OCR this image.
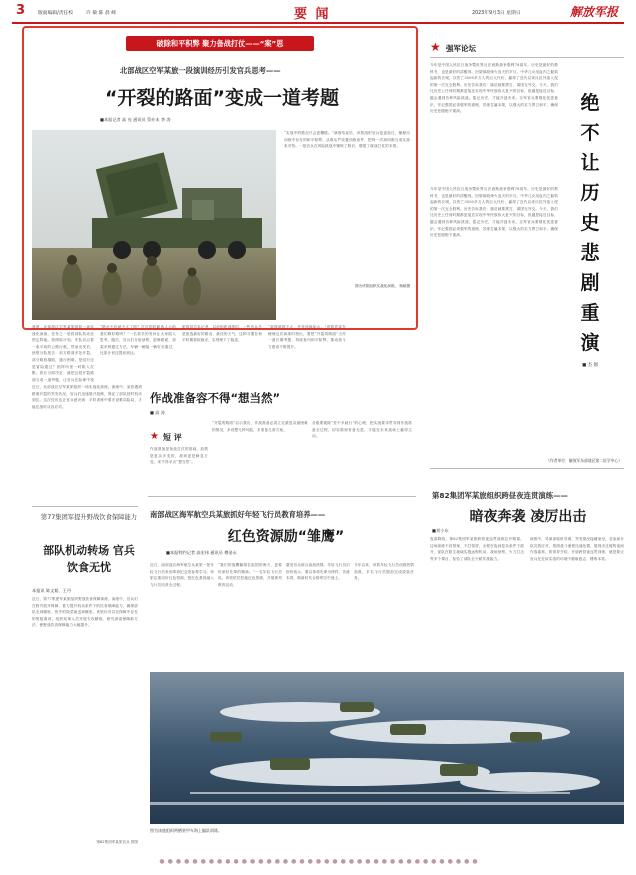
3	版面编辑/责任校	许 敏 陈 晨 峰	要 闻	2023年9月3日 星期日	解放军报
破除和平积弊 聚力备战打仗——“案”思
北部战区空军某旅一段演训经历引发官兵思考——
“开裂的路面”变成一道考题
■本报记者 高 亮 通讯员 蔡亦未 李 涛
“实战中的路况只会更糟糕。”演练结束后，该旅组织官兵复盘检讨，梳理出训练中存在的和平积弊，从难从严设置训练条件，把每一次演训都当成实战来对待。一批官兵在风险挑战中锤炼了胆识，增强了谋战打仗的本领。
图为该旅组织实战化演练。 杨硕摄
盛夏，北部战区空军某旅组织一场实战化演练，任务之一是将部队机动至预定阵地。按照原计划，车队应沿着一条平坦的公路行驶。然而出发后，侦察分队报告：前方路面多处开裂，部分路段塌陷，通行困难。是绕行还是冒险通过？指挥所里一时陷入沉默。旅长当即决定：就把这段开裂路面当成一道考题，让官兵在险难中找
“路况不好就不走了吗？打仗的时候敌人会给我们修好路吗？”一名营长的发问让大家陷入思考。随后，官兵们分组侦察，抢修路面，探索多种通过方法。车辆一辆接一辆安全通过，比原计划还提前到达。
旅领导告诉记者，以前组织训练时，一些官兵总是挑选最好的路况、最佳的天气，这种习惯在和平时期看似稳妥，实则埋下了隐患。
“敌情顽固不止，任务转换如山。”该旅党委在梳理这次演练时指出，要把“开裂的路面”当作一道长期考题，持续查纠和平积弊，推动战斗力建设不断提升。
作战准备容不得“想当然”
■ 高 涛
★ 短 评
作战准备是备战打仗的基础。敌情是复杂多变的，战场更是瞬息万变，来不得半点“想当然”。
“开裂的路面”启示我们，作战准备必须立足最复杂最困难的情况，多设想几种可能，多准备几套方案。
各级要破除“差不多就行”的心理，把实战要求贯穿到作战准备全过程，切实做到有备无患，才能在未来战场上赢得主动。
近日，北部战区空军某旅组织一场实战化演练。演练中，某营遇到路面开裂的突发状况，官兵们迅速展开抢修，保证了部队按时机动到位。这次经历也让官兵意识到：平时训练中要多设难局险局，才能在战时从容应对。
第77集团军提升野战饮食保障能力
部队机动转场 官兵饮食无忧
本报讯 陈文韬、王丹
近日，第77集团军某旅组织野战饮食保障演练。演练中，官兵们在野外展开保障，着力提升机动条件下的饮食保障能力，确保部队走到哪里，热乎的饭菜就送到哪里。该旅针对以往保障中存在的短板弱项，组织炊事人员开展专攻精练，研究探索保障新方法，使野战饮食保障能力大幅提升。
第82集团军某旅官兵 供图
南部战区海军航空兵某旅抓好年轻飞行员教育培养——
红色资源励“雏鹰”
■本报特约记者 高宏伟 通讯员 傅金永
近日，南部战区海军航空兵某旅一批年轻飞行员来到革命纪念馆参观学习。该旅注重用好红色资源，把红色基因融入飞行员培养全过程。
“我们的战鹰翱翔在祖国的海天，更要传承好先辈的精神。”一名年轻飞行员说。该旅依托驻地红色资源，开展系列教育活动，
激发官兵练兵备战热情。年轻飞行员们纷纷表示，要以革命先辈为榜样，苦练本领，做新时代合格的空中战士。
今年以来，该旅年轻飞行员训练热情高涨，多名飞行员提前完成改装任务。
★ 强军论坛
今年是中国人民抗日战争暨世界反法西斯战争胜利78周年。历史是最好的教科书，也是最好的清醒剂。回望那段烽火连天的岁月，中华儿女用血肉之躯筑起新的长城，以伤亡3500多万人的巨大代价，赢得了近代以来反抗外敌入侵的第一次完全胜利。历史告诉我们：落后就要挨打，弱国无外交。今天，我们比历史上任何时期都更接近实现中华民族伟大复兴的目标，但越是接近目标，越会遇到各种风险挑战。铭记历史，才能开创未来。全军官兵要强化忧患意识，牢记强国必须强军的道理，苦练打赢本领，以强大的实力捍卫和平，确保历史悲剧绝不重演。	绝
不
让
历
史
悲
剧
重
演
■ 杰 烟
今年是中国人民抗日战争暨世界反法西斯战争胜利78周年。历史是最好的教科书，也是最好的清醒剂。回望那段烽火连天的岁月，中华儿女用血肉之躯筑起新的长城，以伤亡3500多万人的巨大代价，赢得了近代以来反抗外敌入侵的第一次完全胜利。历史告诉我们：落后就要挨打，弱国无外交。今天，我们比历史上任何时期都更接近实现中华民族伟大复兴的目标，但越是接近目标，越会遇到各种风险挑战。铭记历史，才能开创未来。全军官兵要强化忧患意识，牢记强国必须强军的道理，苦练打赢本领，以强大的实力捍卫和平，确保历史悲剧绝不重演。
（作者单位：解放军东部战区第二医学中心）
第82集团军某旅组织跨昼夜连贯演练——
暗夜奔袭 凌厉出击
■刘小东
夜幕降临，第82集团军某旅跨昼夜连贯演练拉开帷幕。这场演练不设预案、不打招呼，全程在夜间复杂条件下展开，部队在陌生地域实施远程机动、战场侦察、火力打击等多个课目，检验了部队全天候作战能力。
演练中，导演部临机导调，突发情况接踵而至，各参演分队沉着应对，按照战斗流程迅速处置，展现出过硬的夜间作战素养。旅领导介绍，开展跨昼夜连贯训练，就是要让官兵在近似实战的环境中磨砺意志、锤炼本领。
图为该旅组织两栖装甲车海上编队训练。
●●●●●●●●●●●●●●●●●●●●●●●●●●●●●●●●●●●●●●●
